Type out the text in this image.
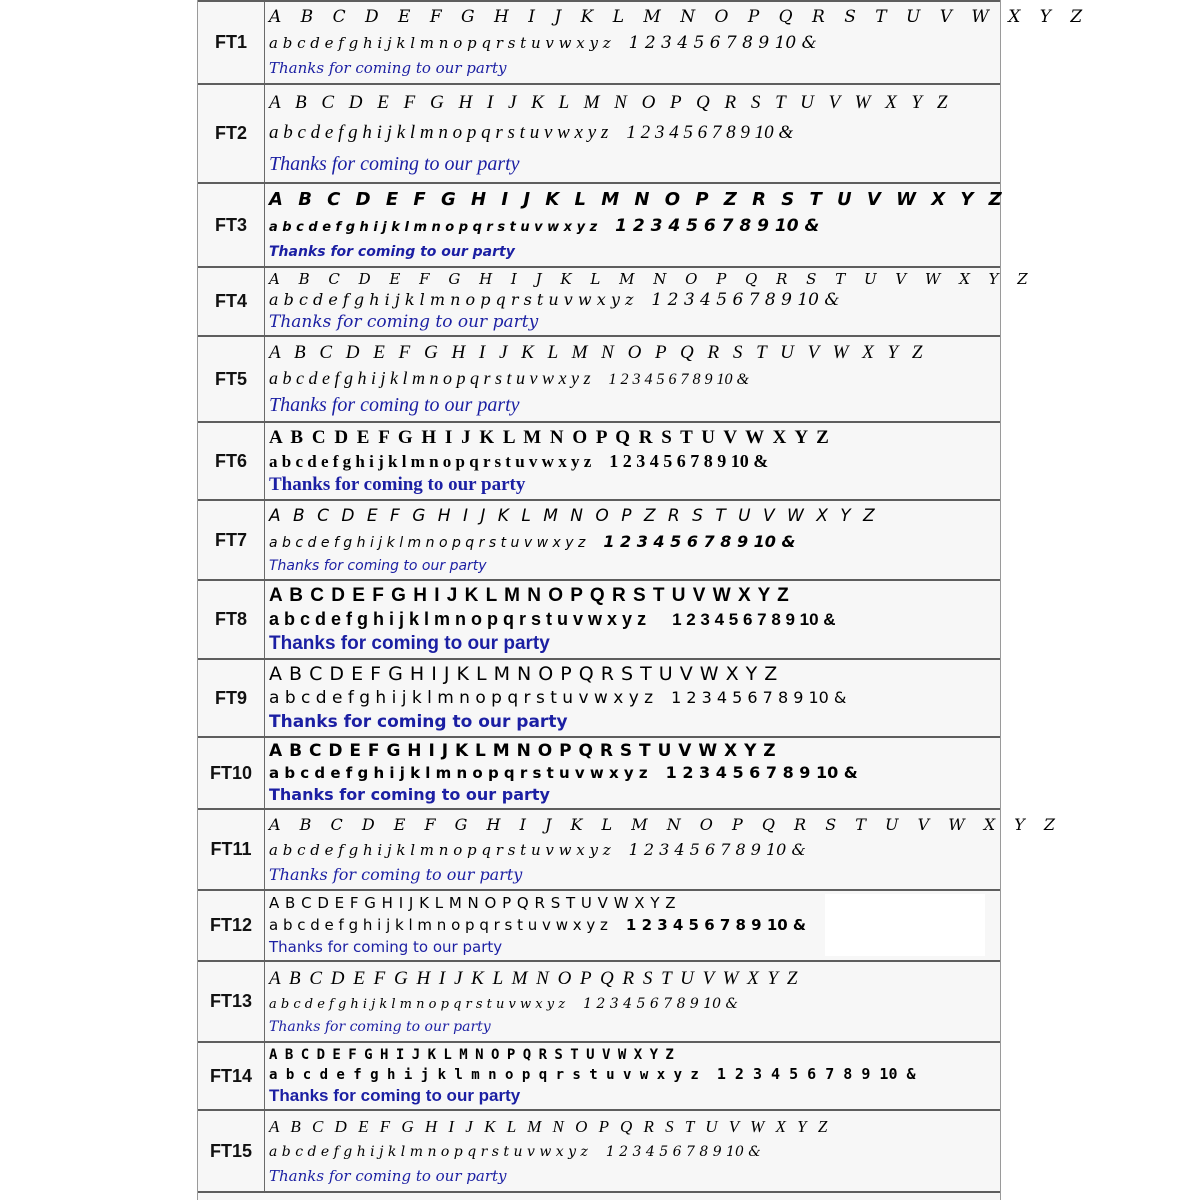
FT1
A B C D E F G H I J K L M N O P Q R S T U V W X Y Z
a b c d e f g h i j k l m n o p q r s t u v w x y z 1 2 3 4 5 6 7 8 9 10 &
Thanks for coming to our party
FT2
A B C D E F G H I J K L M N O P Q R S T U V W X Y Z
a b c d e f g h i j k l m n o p q r s t u v w x y z 1 2 3 4 5 6 7 8 9 10 &
Thanks for coming to our party
FT3
A B C D E F G H I J K L M N O P Z R S T U V W X Y Z
a b c d e f g h i j k l m n o p q r s t u v w x y z 1 2 3 4 5 6 7 8 9 10 &
Thanks for coming to our party
FT4
A B C D E F G H I J K L M N O P Q R S T U V W X Y Z
a b c d e f g h i j k l m n o p q r s t u v w x y z 1 2 3 4 5 6 7 8 9 10 &
Thanks for coming to our party
FT5
A B C D E F G H I J K L M N O P Q R S T U V W X Y Z
a b c d e f g h i j k l m n o p q r s t u v w x y z 1 2 3 4 5 6 7 8 9 10 &
Thanks for coming to our party
FT6
A B C D E F G H I J K L M N O P Q R S T U V W X Y Z
a b c d e f g h i j k l m n o p q r s t u v w x y z 1 2 3 4 5 6 7 8 9 10 &
Thanks for coming to our party
FT7
A B C D E F G H I J K L M N O P Z R S T U V W X Y Z
a b c d e f g h i j k l m n o p q r s t u v w x y z 1 2 3 4 5 6 7 8 9 10 &
Thanks for coming to our party
FT8
A B C D E F G H I J K L M N O P Q R S T U V W X Y Z
a b c d e f g h i j k l m n o p q r s t u v w x y z 1 2 3 4 5 6 7 8 9 10 &
Thanks for coming to our party
FT9
A B C D E F G H I J K L M N O P Q R S T U V W X Y Z
a b c d e f g h i j k l m n o p q r s t u v w x y z 1 2 3 4 5 6 7 8 9 10 &
Thanks for coming to our party
FT10
A B C D E F G H I J K L M N O P Q R S T U V W X Y Z
a b c d e f g h i j k l m n o p q r s t u v w x y z 1 2 3 4 5 6 7 8 9 10 &
Thanks for coming to our party
FT11
A B C D E F G H I J K L M N O P Q R S T U V W X Y Z
a b c d e f g h i j k l m n o p q r s t u v w x y z 1 2 3 4 5 6 7 8 9 10 &
Thanks for coming to our party
FT12
A B C D E F G H I J K L M N O P Q R S T U V W X Y Z
a b c d e f g h i j k l m n o p q r s t u v w x y z 1 2 3 4 5 6 7 8 9 10 &
Thanks for coming to our party
FT13
A B C D E F G H I J K L M N O P Q R S T U V W X Y Z
a b c d e f g h i j k l m n o p q r s t u v w x y z 1 2 3 4 5 6 7 8 9 10 &
Thanks for coming to our party
FT14
A B C D E F G H I J K L M N O P Q R S T U V W X Y Z
a b c d e f g h i j k l m n o p q r s t u v w x y z 1 2 3 4 5 6 7 8 9 10 &
Thanks for coming to our party
FT15
A B C D E F G H I J K L M N O P Q R S T U V W X Y Z
a b c d e f g h i j k l m n o p q r s t u v w x y z 1 2 3 4 5 6 7 8 9 10 &
Thanks for coming to our party
